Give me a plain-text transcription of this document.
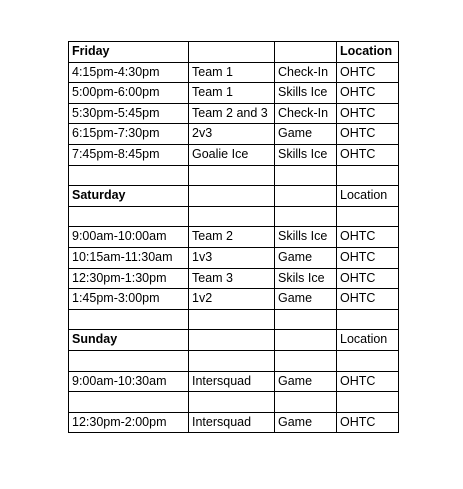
Friday			Location
4:15pm-4:30pm	Team 1	Check-In	OHTC
5:00pm-6:00pm	Team 1	Skills Ice	OHTC
5:30pm-5:45pm	Team 2 and 3	Check-In	OHTC
6:15pm-7:30pm	2v3	Game	OHTC
7:45pm-8:45pm	Goalie Ice	Skills Ice	OHTC

Saturday			Location

9:00am-10:00am	Team 2	Skills Ice	OHTC
10:15am-11:30am	1v3	Game	OHTC
12:30pm-1:30pm	Team 3	Skils Ice	OHTC
1:45pm-3:00pm	1v2	Game	OHTC

Sunday			Location

9:00am-10:30am	Intersquad	Game	OHTC

12:30pm-2:00pm	Intersquad	Game	OHTC
